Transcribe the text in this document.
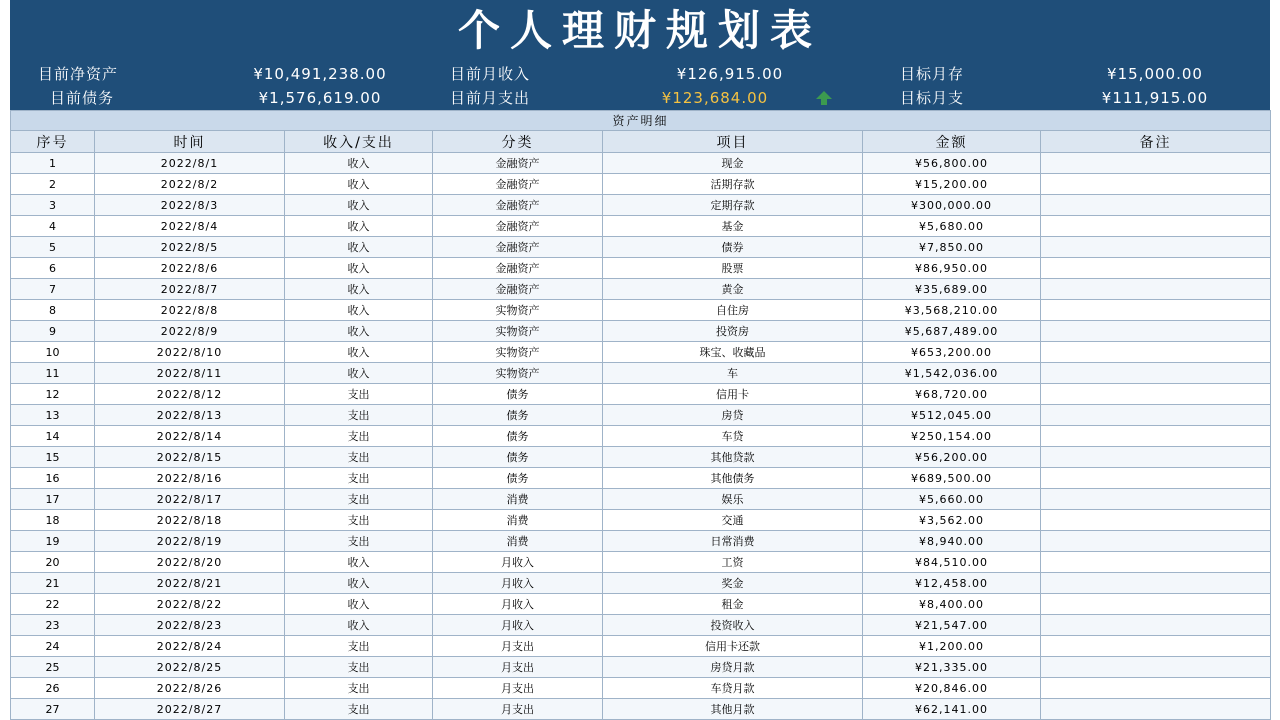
个人理财规划表
目前净资产	¥10,491,238.00	目前月收入	¥126,915.00	目标月存	¥15,000.00
目前债务	¥1,576,619.00	目前月支出	¥123,684.00	目标月支	¥111,915.00
资产明细						
序号	时间	收入/支出	分类	项目	金额	备注
1	2022/8/1	收入	金融资产	现金	¥56,800.00	
2	2022/8/2	收入	金融资产	活期存款	¥15,200.00	
3	2022/8/3	收入	金融资产	定期存款	¥300,000.00	
4	2022/8/4	收入	金融资产	基金	¥5,680.00	
5	2022/8/5	收入	金融资产	债券	¥7,850.00	
6	2022/8/6	收入	金融资产	股票	¥86,950.00	
7	2022/8/7	收入	金融资产	黄金	¥35,689.00	
8	2022/8/8	收入	实物资产	自住房	¥3,568,210.00	
9	2022/8/9	收入	实物资产	投资房	¥5,687,489.00	
10	2022/8/10	收入	实物资产	珠宝、收藏品	¥653,200.00	
11	2022/8/11	收入	实物资产	车	¥1,542,036.00	
12	2022/8/12	支出	债务	信用卡	¥68,720.00	
13	2022/8/13	支出	债务	房贷	¥512,045.00	
14	2022/8/14	支出	债务	车贷	¥250,154.00	
15	2022/8/15	支出	债务	其他贷款	¥56,200.00	
16	2022/8/16	支出	债务	其他债务	¥689,500.00	
17	2022/8/17	支出	消费	娱乐	¥5,660.00	
18	2022/8/18	支出	消费	交通	¥3,562.00	
19	2022/8/19	支出	消费	日常消费	¥8,940.00	
20	2022/8/20	收入	月收入	工资	¥84,510.00	
21	2022/8/21	收入	月收入	奖金	¥12,458.00	
22	2022/8/22	收入	月收入	租金	¥8,400.00	
23	2022/8/23	收入	月收入	投资收入	¥21,547.00	
24	2022/8/24	支出	月支出	信用卡还款	¥1,200.00	
25	2022/8/25	支出	月支出	房贷月款	¥21,335.00	
26	2022/8/26	支出	月支出	车贷月款	¥20,846.00	
27	2022/8/27	支出	月支出	其他月款	¥62,141.00	
